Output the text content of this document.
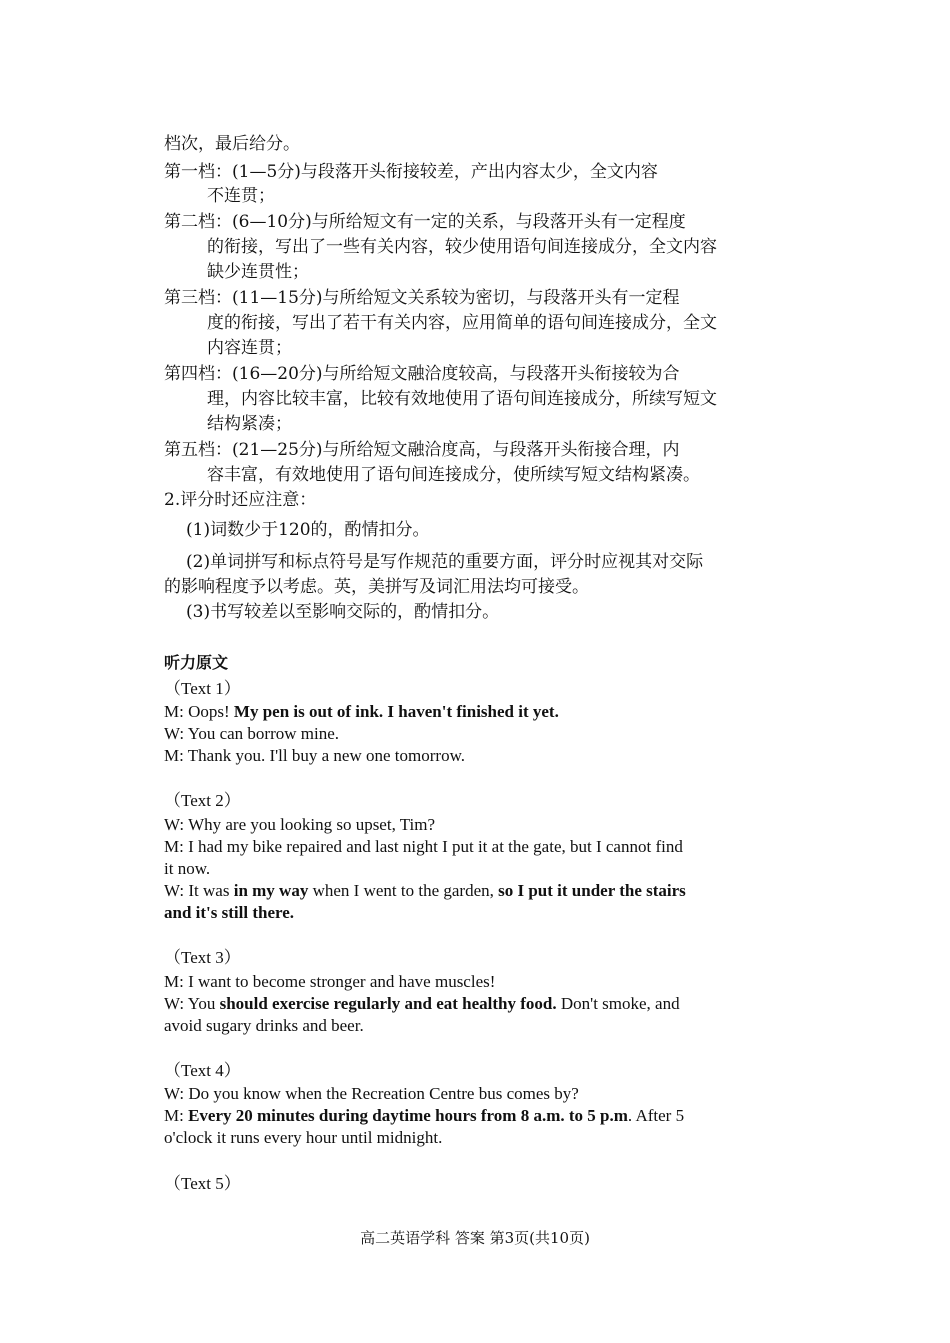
档次，最后给分。
第一档：(1—5分)与段落开头衔接较差，产出内容太少，全文内容
不连贯；
第二档：(6—10分)与所给短文有一定的关系，与段落开头有一定程度
的衔接，写出了一些有关内容，较少使用语句间连接成分，全文内容
缺少连贯性；
第三档：(11—15分)与所给短文关系较为密切，与段落开头有一定程
度的衔接，写出了若干有关内容，应用简单的语句间连接成分，全文
内容连贯；
第四档：(16—20分)与所给短文融洽度较高，与段落开头衔接较为合
理，内容比较丰富，比较有效地使用了语句间连接成分，所续写短文
结构紧凑；
第五档：(21—25分)与所给短文融洽度高，与段落开头衔接合理，内
容丰富，有效地使用了语句间连接成分，使所续写短文结构紧凑。
2.评分时还应注意：
(1)词数少于120的，酌情扣分。
(2)单词拼写和标点符号是写作规范的重要方面，评分时应视其对交际
的影响程度予以考虑。英，美拼写及词汇用法均可接受。
(3)书写较差以至影响交际的，酌情扣分。
听力原文
（Text 1）
M: Oops! My pen is out of ink. I haven't finished it yet.
W: You can borrow mine.
M: Thank you. I'll buy a new one tomorrow.
（Text 2）
W: Why are you looking so upset, Tim?
M: I had my bike repaired and last night I put it at the gate, but I cannot find
it now.
W: It was in my way when I went to the garden, so I put it under the stairs
and it's still there.
（Text 3）
M: I want to become stronger and have muscles!
W: You should exercise regularly and eat healthy food. Don't smoke, and
avoid sugary drinks and beer.
（Text 4）
W: Do you know when the Recreation Centre bus comes by?
M: Every 20 minutes during daytime hours from 8 a.m. to 5 p.m. After 5
o'clock it runs every hour until midnight.
（Text 5）
高二英语学科 答案 第3页(共10页)
